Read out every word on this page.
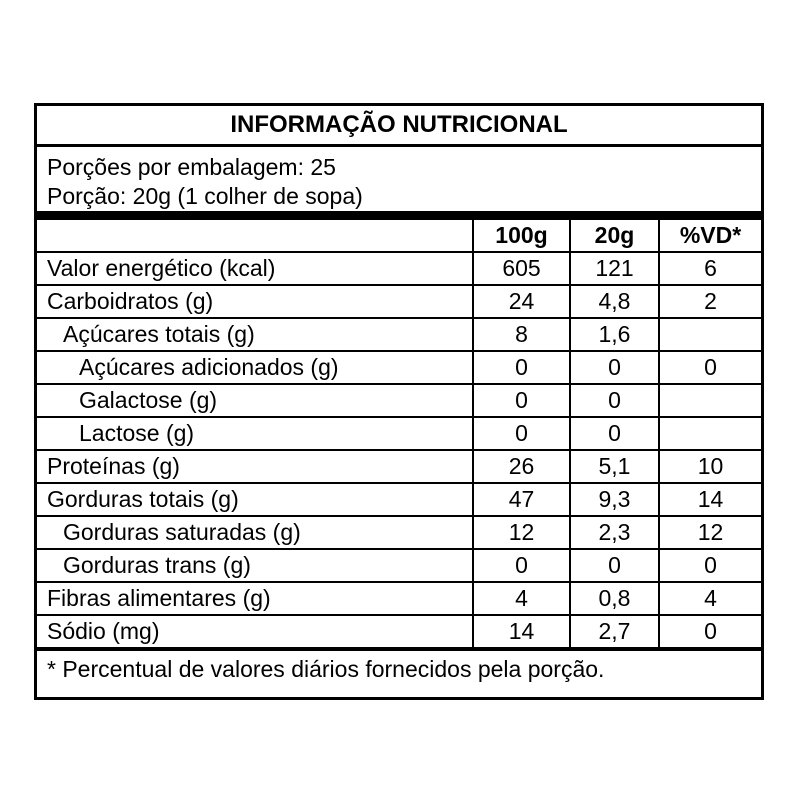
INFORMAÇÃO NUTRICIONAL
Porções por embalagem: 25
Porção: 20g (1 colher de sopa)
	100g	20g	%VD*
Valor energético (kcal)	605	121	6
Carboidratos (g)	24	4,8	2
Açúcares totais (g)	8	1,6	
Açúcares adicionados (g)	0	0	0
Galactose (g)	0	0	
Lactose (g)	0	0	
Proteínas (g)	26	5,1	10
Gorduras totais (g)	47	9,3	14
Gorduras saturadas (g)	12	2,3	12
Gorduras trans (g)	0	0	0
Fibras alimentares (g)	4	0,8	4
Sódio (mg)	14	2,7	0
* Percentual de valores diários fornecidos pela porção.
